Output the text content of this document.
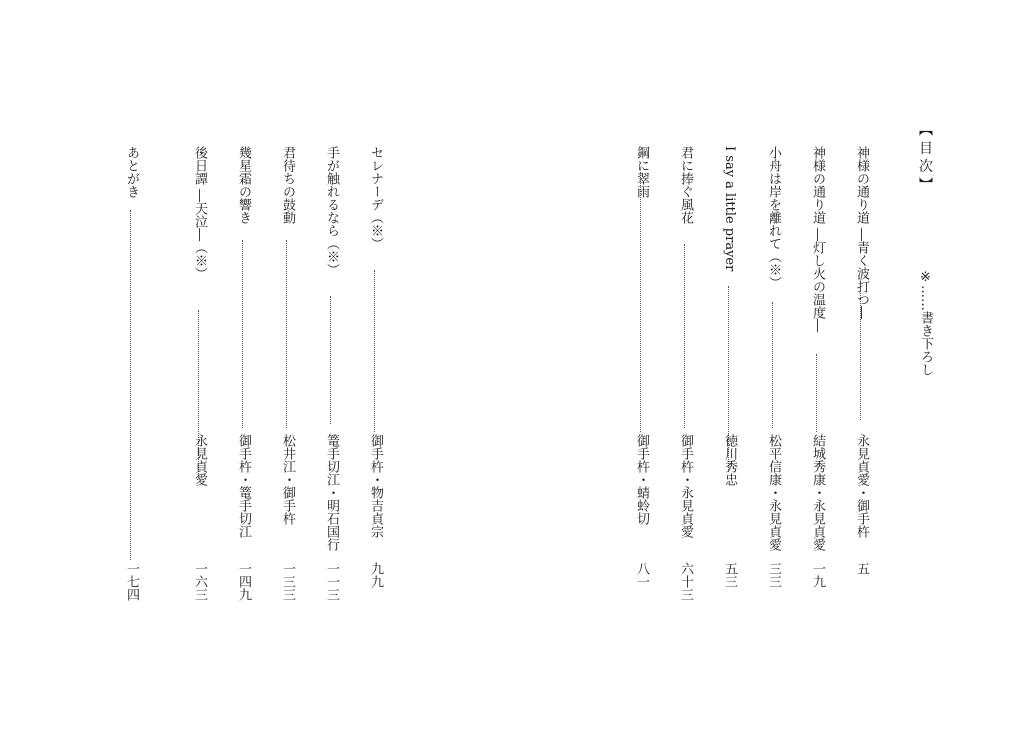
【 目 次 】
※……書き下ろし
神様の通り道 ―青く波打つ―
永見貞愛・御手杵
五
神様の通り道 ―灯し火の温度―
結城秀康・永見貞愛
一九
小舟は岸を離れて（※）
松平信康・永見貞愛
三三
I say a little prayer
徳川秀忠
五三
君に捧ぐ風花
御手杵・永見貞愛
六十三
鋼に翠雨
御手杵・蜻蛉切
八一
セレナーデ（※）
御手杵・物吉貞宗
九九
手が触れるなら（※）
篭手切江・明石国行
一一三
君待ちの鼓動
松井江・御手杵
一三三
幾星霜の響き
御手杵・篭手切江
一四九
後日譚 ―天泣―（※）
永見貞愛
一六三
あとがき
一七四
